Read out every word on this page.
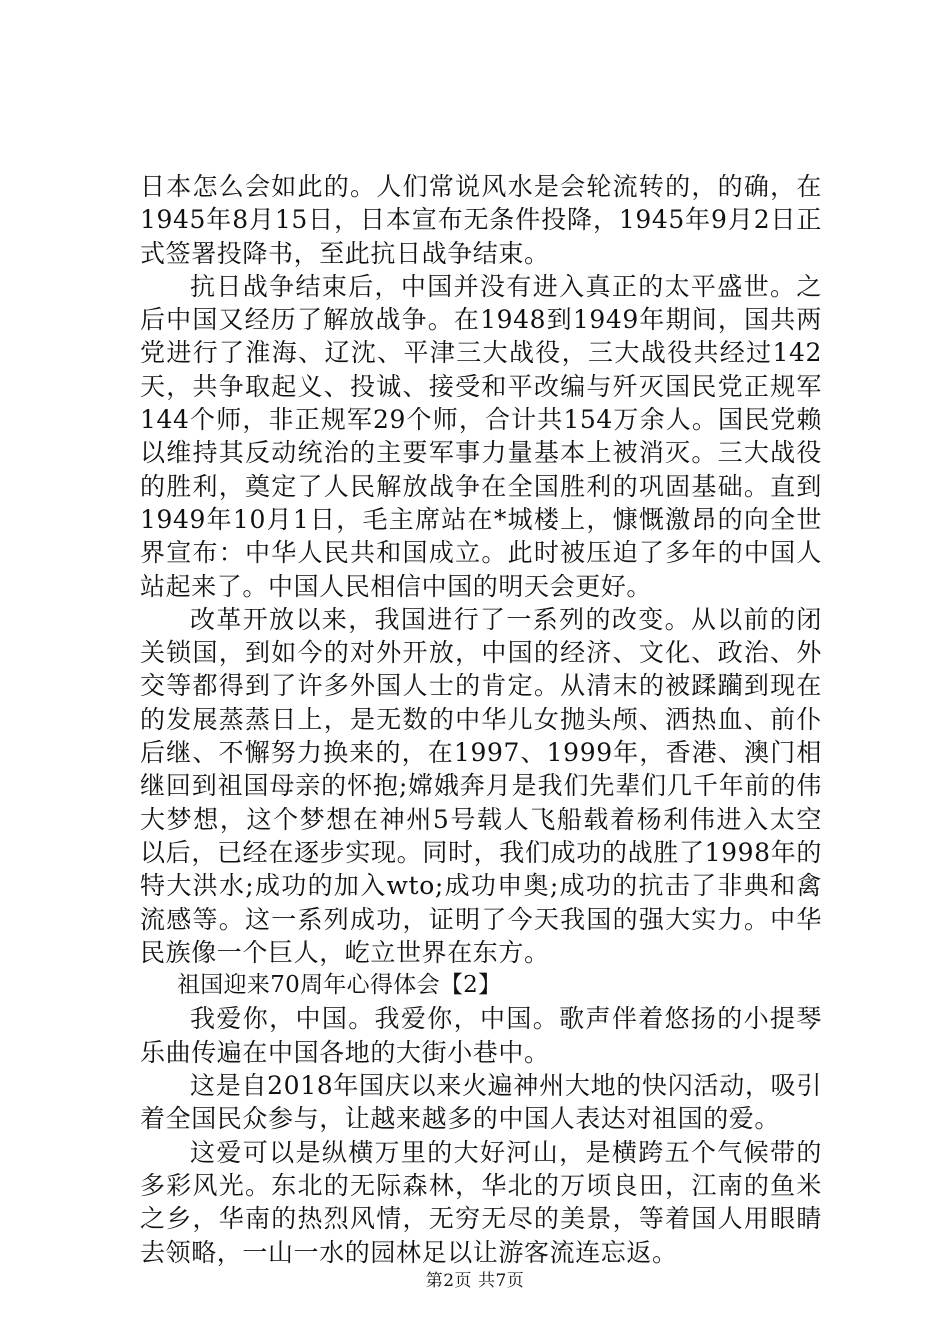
日本怎么会如此的。人们常说风水是会轮流转的，的确，在1945年8月15日，日本宣布无条件投降，1945年9月2日正式签署投降书，至此抗日战争结束。

抗日战争结束后，中国并没有进入真正的太平盛世。之后中国又经历了解放战争。在1948到1949年期间，国共两党进行了淮海、辽沈、平津三大战役，三大战役共经过142天，共争取起义、投诚、接受和平改编与歼灭国民党正规军144个师，非正规军29个师，合计共154万余人。国民党赖以维持其反动统治的主要军事力量基本上被消灭。三大战役的胜利，奠定了人民解放战争在全国胜利的巩固基础。直到1949年10月1日，毛主席站在*城楼上，慷慨激昂的向全世界宣布：中华人民共和国成立。此时被压迫了多年的中国人站起来了。中国人民相信中国的明天会更好。

改革开放以来，我国进行了一系列的改变。从以前的闭关锁国，到如今的对外开放，中国的经济、文化、政治、外交等都得到了许多外国人士的肯定。从清末的被蹂躏到现在的发展蒸蒸日上，是无数的中华儿女抛头颅、洒热血、前仆后继、不懈努力换来的，在1997、1999年，香港、澳门相继回到祖国母亲的怀抱;嫦娥奔月是我们先辈们几千年前的伟大梦想，这个梦想在神州5号载人飞船载着杨利伟进入太空以后，已经在逐步实现。同时，我们成功的战胜了1998年的特大洪水;成功的加入wto;成功申奥;成功的抗击了非典和禽流感等。这一系列成功，证明了今天我国的强大实力。中华民族像一个巨人，屹立世界在东方。

祖国迎来70周年心得体会【2】

我爱你，中国。我爱你，中国。歌声伴着悠扬的小提琴乐曲传遍在中国各地的大街小巷中。

这是自2018年国庆以来火遍神州大地的快闪活动，吸引着全国民众参与，让越来越多的中国人表达对祖国的爱。

这爱可以是纵横万里的大好河山，是横跨五个气候带的多彩风光。东北的无际森林，华北的万顷良田，江南的鱼米之乡，华南的热烈风情，无穷无尽的美景，等着国人用眼睛去领略，一山一水的园林足以让游客流连忘返。

第2页 共7页
